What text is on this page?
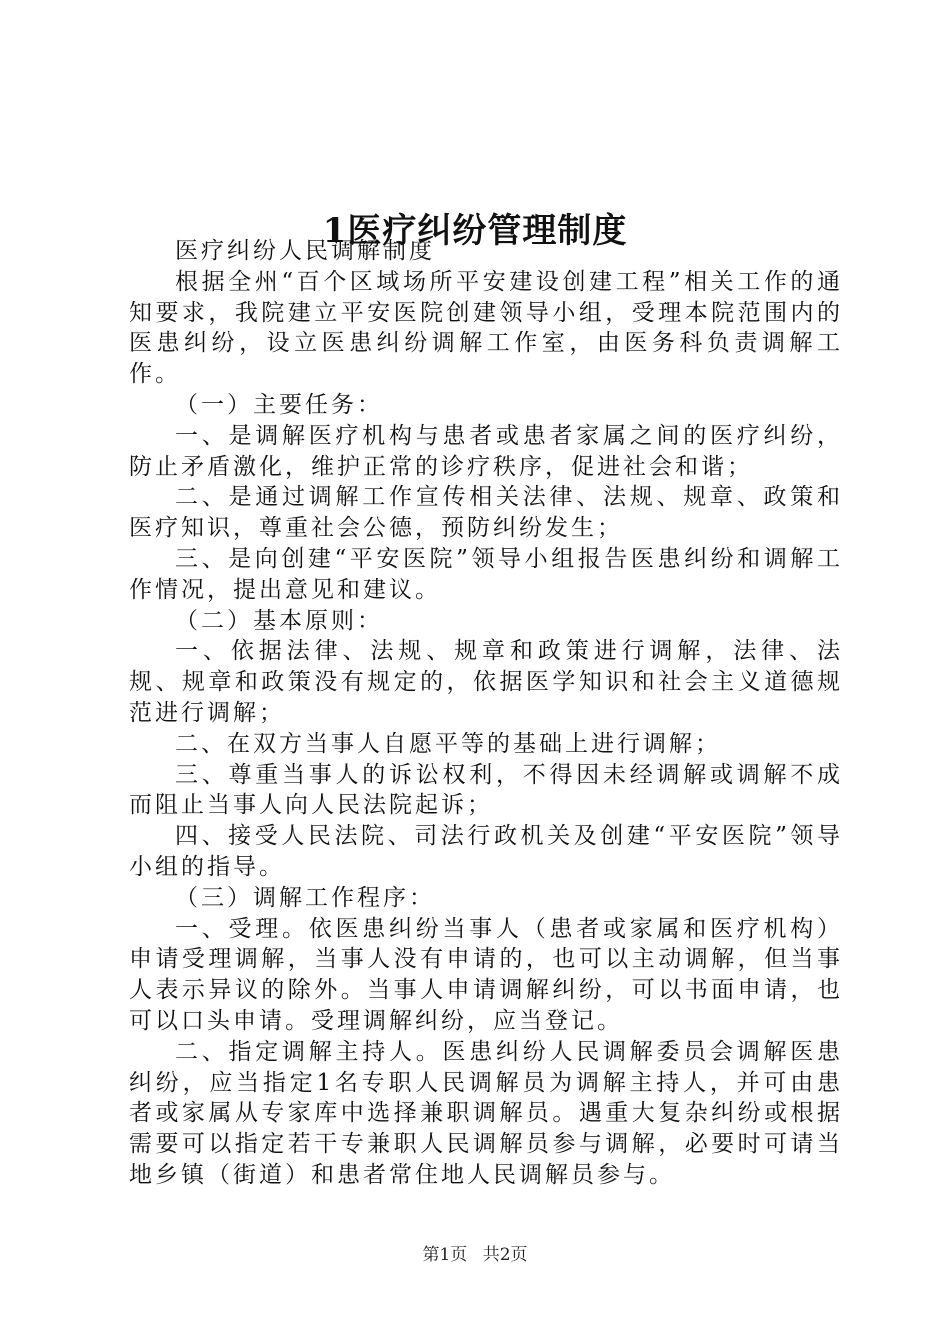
1医疗纠纷管理制度

医疗纠纷人民调解制度

根据全州“百个区域场所平安建设创建工程”相关工作的通知要求，我院建立平安医院创建领导小组，受理本院范围内的医患纠纷，设立医患纠纷调解工作室，由医务科负责调解工作。

（一）主要任务：

一、是调解医疗机构与患者或患者家属之间的医疗纠纷，防止矛盾激化，维护正常的诊疗秩序，促进社会和谐；

二、是通过调解工作宣传相关法律、法规、规章、政策和医疗知识，尊重社会公德，预防纠纷发生；

三、是向创建“平安医院”领导小组报告医患纠纷和调解工作情况，提出意见和建议。

（二）基本原则：

一、依据法律、法规、规章和政策进行调解，法律、法规、规章和政策没有规定的，依据医学知识和社会主义道德规范进行调解；

二、在双方当事人自愿平等的基础上进行调解；

三、尊重当事人的诉讼权利，不得因未经调解或调解不成而阻止当事人向人民法院起诉；

四、接受人民法院、司法行政机关及创建“平安医院”领导小组的指导。

（三）调解工作程序：

一、受理。依医患纠纷当事人（患者或家属和医疗机构）申请受理调解，当事人没有申请的，也可以主动调解，但当事人表示异议的除外。当事人申请调解纠纷，可以书面申请，也可以口头申请。受理调解纠纷，应当登记。

二、指定调解主持人。医患纠纷人民调解委员会调解医患纠纷，应当指定1名专职人民调解员为调解主持人，并可由患者或家属从专家库中选择兼职调解员。遇重大复杂纠纷或根据需要可以指定若干专兼职人民调解员参与调解，必要时可请当地乡镇（街道）和患者常住地人民调解员参与。

第1页 共2页
